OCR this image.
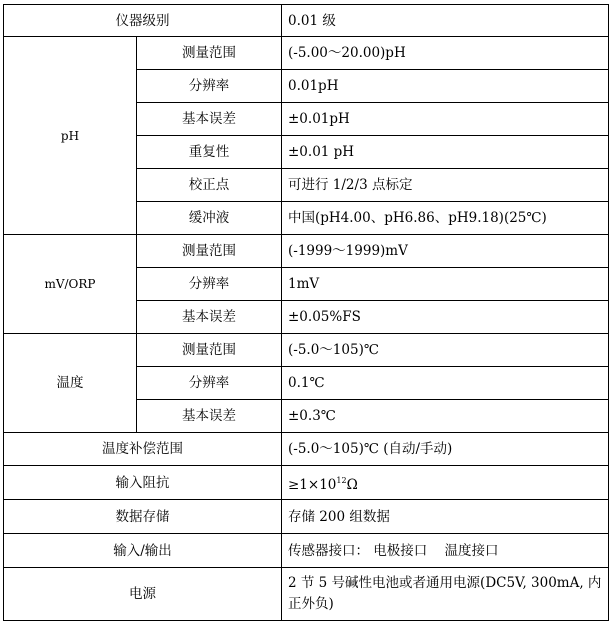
仪器级别		0.01 级
pH	测量范围	(-5.00～20.00)pH
	分辨率	0.01pH
	基本误差	±0.01pH
	重复性	±0.01 pH
	校正点	可进行 1/2/3 点标定
	缓冲液	中国(pH4.00、pH6.86、pH9.18)(25℃)
mV/ORP	测量范围	(-1999～1999)mV
	分辨率	1mV
	基本误差	±0.05%FS
温度	测量范围	(-5.0～105)℃
	分辨率	0.1℃
	基本误差	±0.3℃
温度补偿范围		(-5.0～105)℃ (自动/手动)
输入阻抗		$\ge 1\times 10^{12}\Omega$
数据存储		存储 200 组数据
输入/输出		传感器接口： 电极接口    温度接口
电源		2 节 5 号碱性电池或者通用电源(DC5V, 300mA, 内正外负)
